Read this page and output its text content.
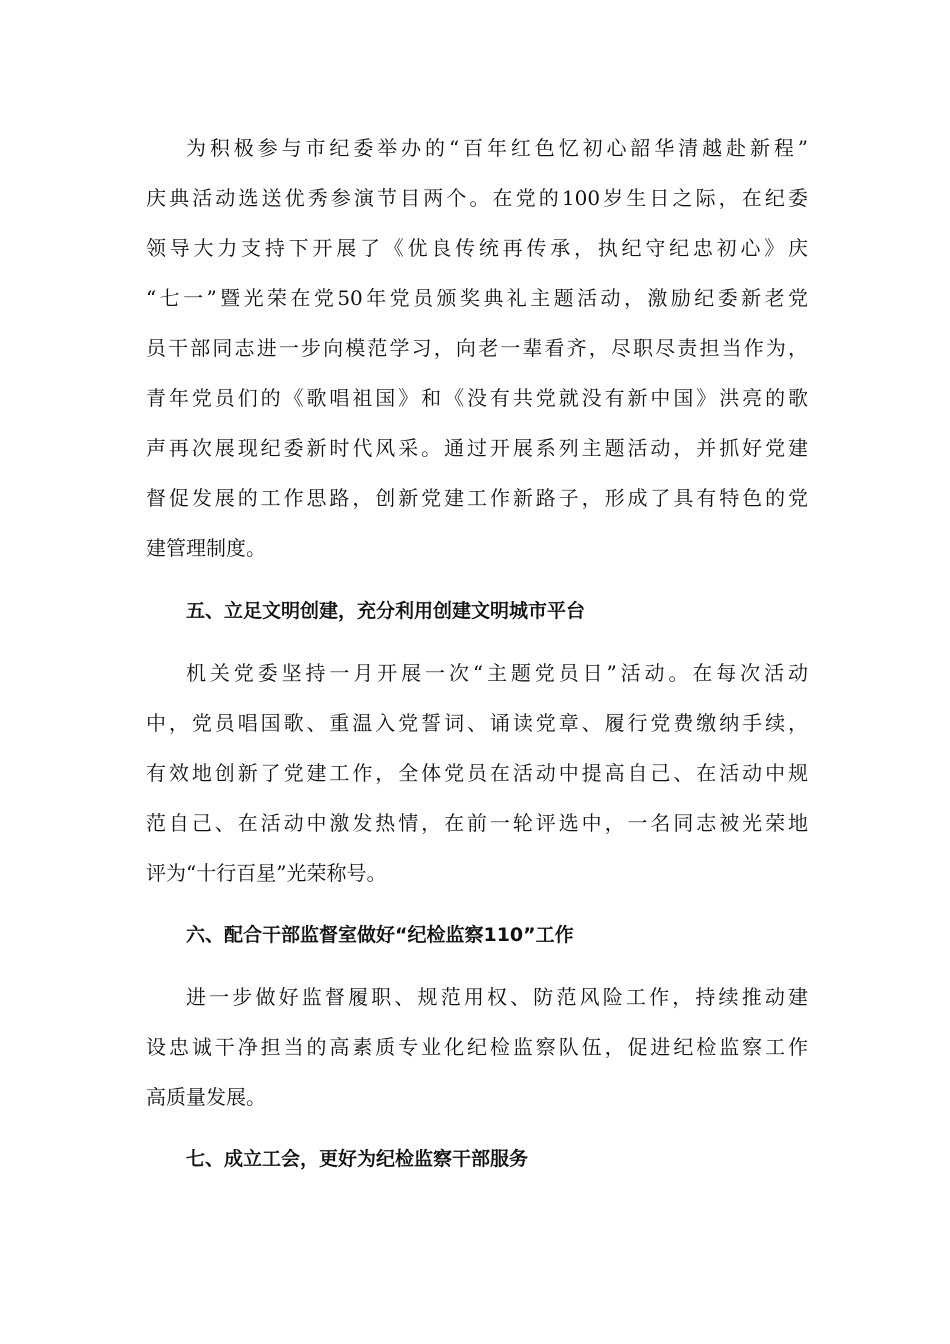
为积极参与市纪委举办的“百年红色忆初心韶华清越赴新程”
庆典活动选送优秀参演节目两个。在党的100岁生日之际，在纪委
领导大力支持下开展了《优良传统再传承，执纪守纪忠初心》庆
“七一”暨光荣在党50年党员颁奖典礼主题活动，激励纪委新老党
员干部同志进一步向模范学习，向老一辈看齐，尽职尽责担当作为，
青年党员们的《歌唱祖国》和《没有共党就没有新中国》洪亮的歌
声再次展现纪委新时代风采。通过开展系列主题活动，并抓好党建
督促发展的工作思路，创新党建工作新路子，形成了具有特色的党
建管理制度。
五、立足文明创建，充分利用创建文明城市平台
机关党委坚持一月开展一次“主题党员日”活动。在每次活动
中，党员唱国歌、重温入党誓词、诵读党章、履行党费缴纳手续，
有效地创新了党建工作，全体党员在活动中提高自己、在活动中规
范自己、在活动中激发热情，在前一轮评选中，一名同志被光荣地
评为“十行百星”光荣称号。
六、配合干部监督室做好“纪检监察110”工作
进一步做好监督履职、规范用权、防范风险工作，持续推动建
设忠诚干净担当的高素质专业化纪检监察队伍，促进纪检监察工作
高质量发展。
七、成立工会，更好为纪检监察干部服务
